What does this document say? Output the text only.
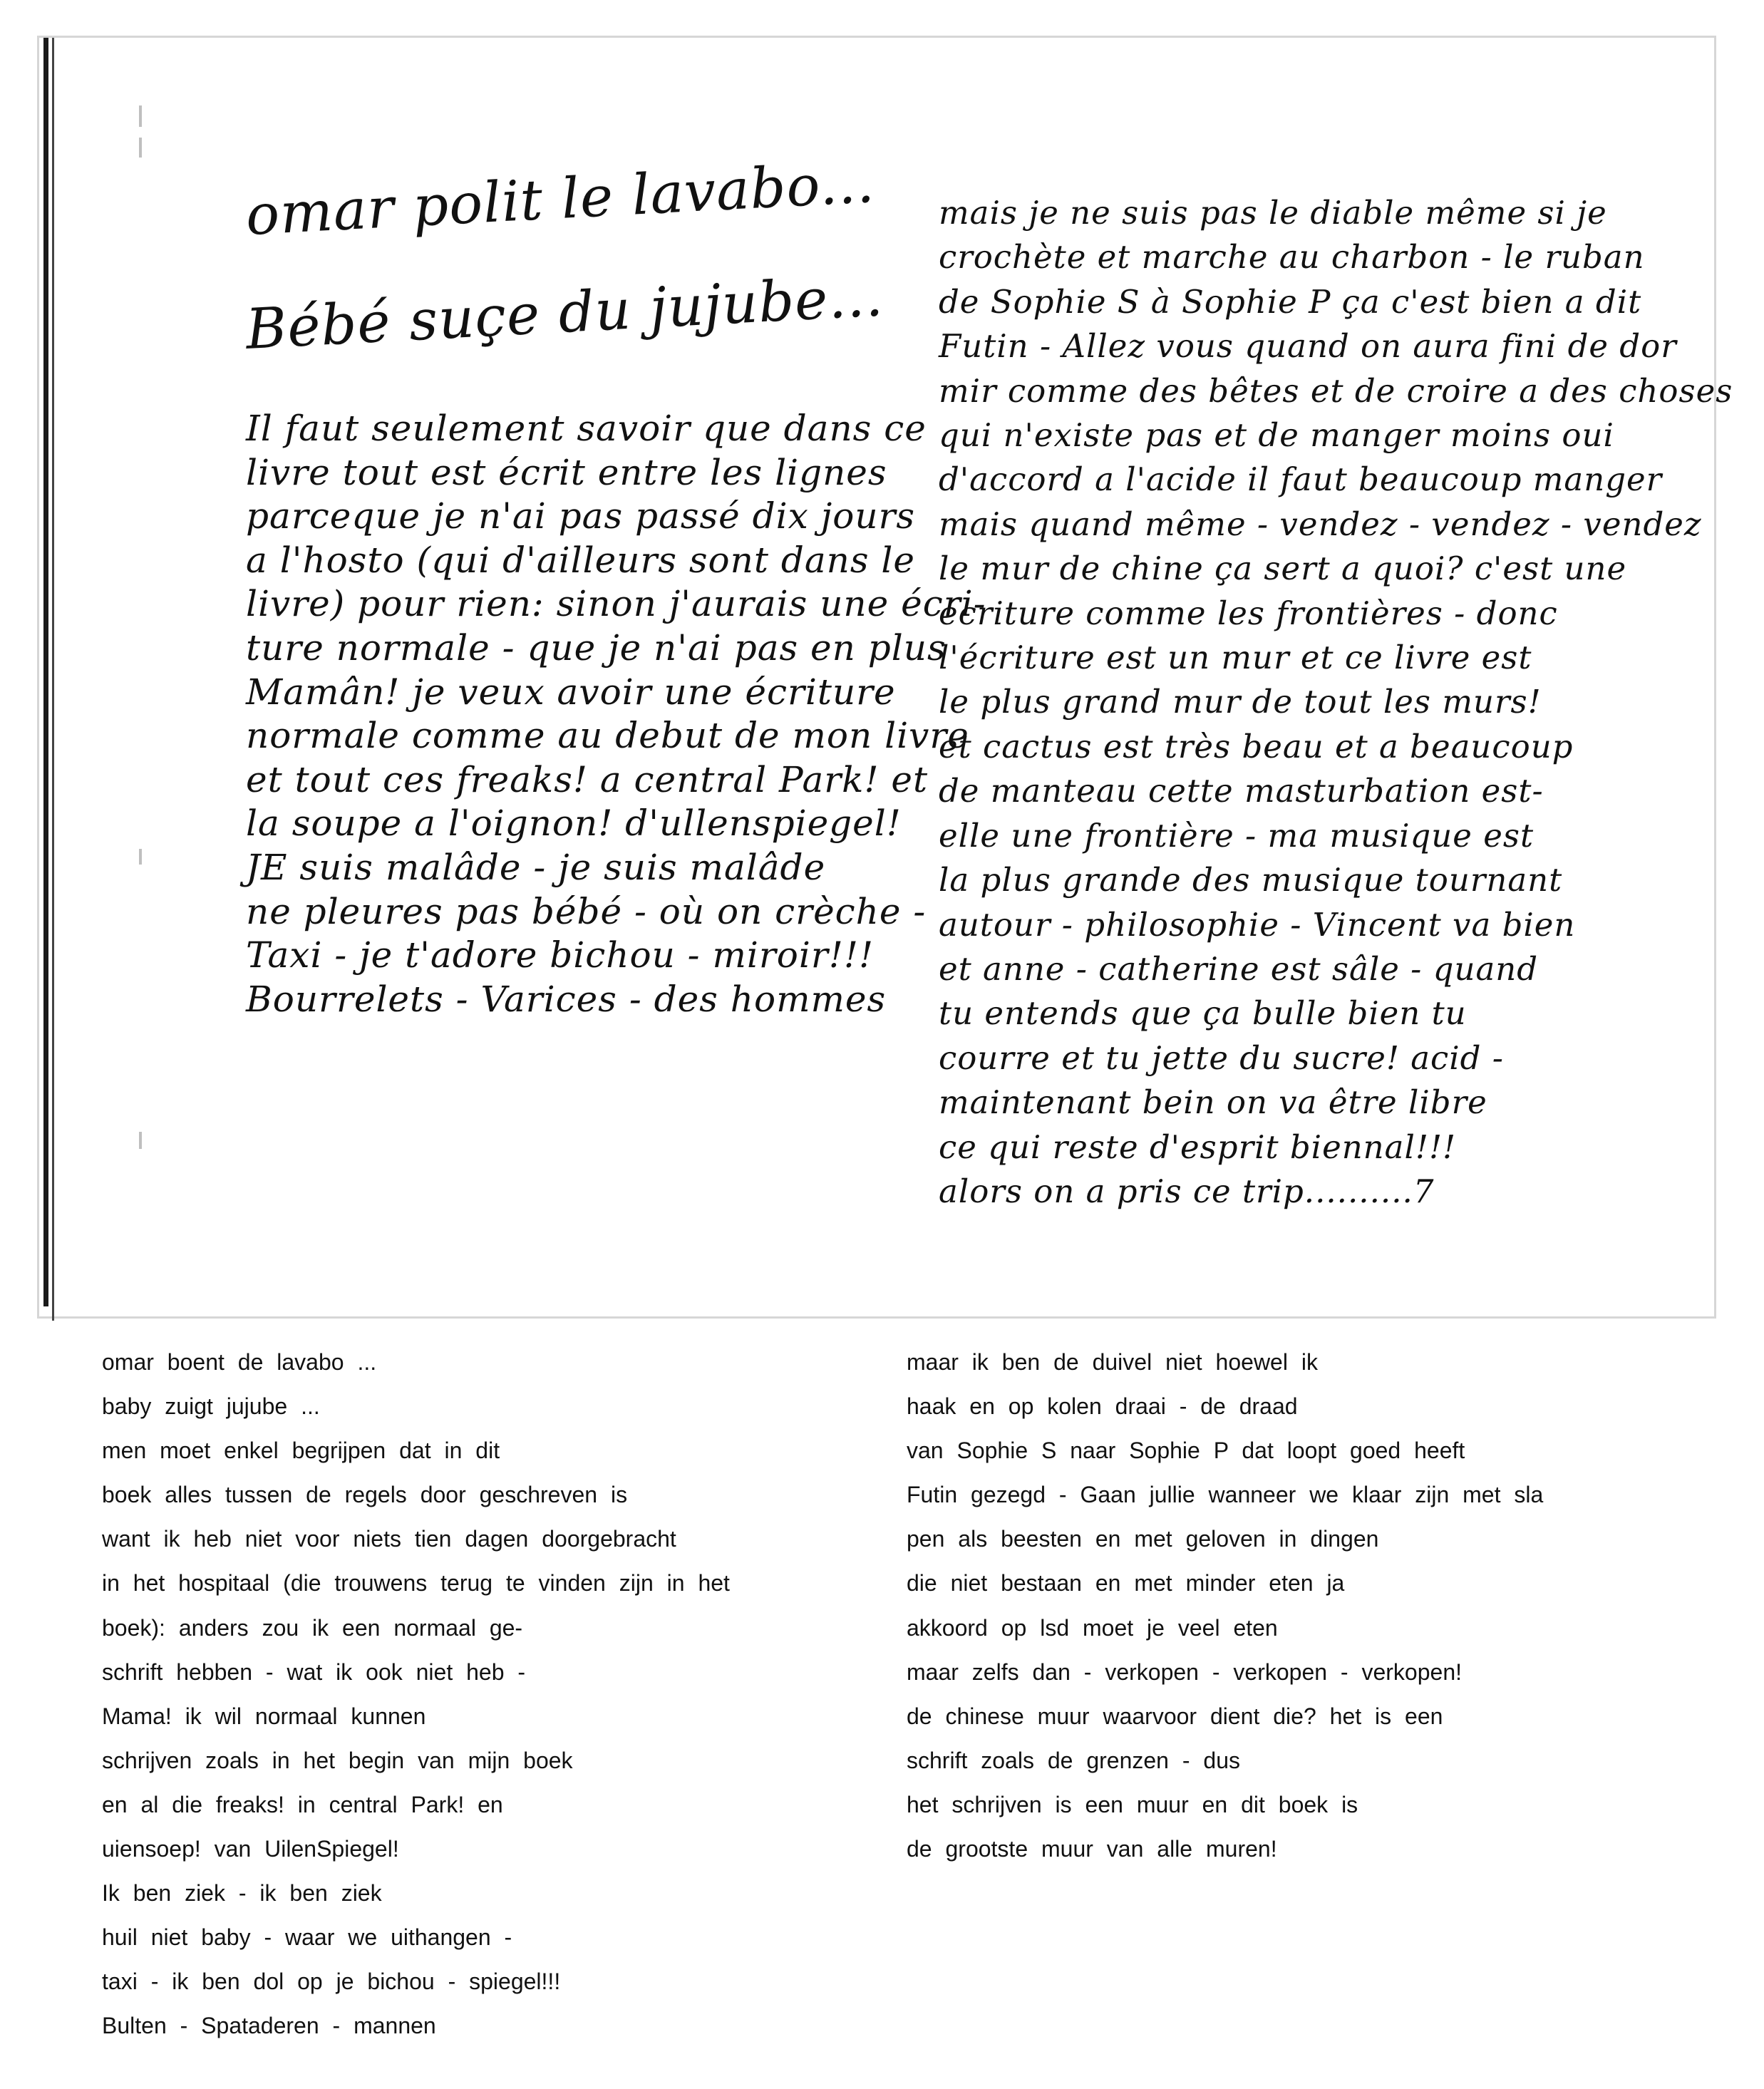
omar polit le lavabo...
Bébé suçe du jujube...
Il faut seulement savoir que dans ce
livre tout est écrit entre les lignes
parceque je n'ai pas passé dix jours
a l'hosto (qui d'ailleurs sont dans le
livre) pour rien: sinon j'aurais une écri-
ture normale - que je n'ai pas en plus
Mamân! je veux avoir une écriture
normale comme au debut de mon livre
et tout ces freaks! a central Park! et
la soupe a l'oignon! d'ullenspiegel!
JE suis malâde - je suis malâde
ne pleures pas bébé - où on crèche -
Taxi - je t'adore bichou - miroir!!!
Bourrelets - Varices - des hommes
mais je ne suis pas le diable même si je
crochète et marche au charbon - le ruban
de Sophie S à Sophie P ça c'est bien a dit
Futin - Allez vous quand on aura fini de dor
mir comme des bêtes et de croire a des choses
qui n'existe pas et de manger moins oui
d'accord a l'acide il faut beaucoup manger
mais quand même - vendez - vendez - vendez
le mur de chine ça sert a quoi? c'est une
écriture comme les frontières - donc
l'écriture est un mur et ce livre est
le plus grand mur de tout les murs!
et cactus est très beau et a beaucoup
de manteau cette masturbation est-
elle une frontière - ma musique est
la plus grande des musique tournant
autour - philosophie - Vincent va bien
et anne - catherine est sâle - quand
tu entends que ça bulle bien tu
courre et tu jette du sucre! acid -
maintenant bein on va être libre
ce qui reste d'esprit biennal!!!
alors on a pris ce trip..........7
omar boent de lavabo ...
baby zuigt jujube ...
men moet enkel begrijpen dat in dit
boek alles tussen de regels door geschreven is
want ik heb niet voor niets tien dagen doorgebracht
in het hospitaal (die trouwens terug te vinden zijn in het
boek): anders zou ik een normaal ge-
schrift hebben - wat ik ook niet heb -
Mama! ik wil normaal kunnen
schrijven zoals in het begin van mijn boek
en al die freaks! in central Park! en
uiensoep! van UilenSpiegel!
Ik ben ziek - ik ben ziek
huil niet baby - waar we uithangen -
taxi - ik ben dol op je bichou - spiegel!!!
Bulten - Spataderen - mannen
maar ik ben de duivel niet hoewel ik
haak en op kolen draai - de draad
van Sophie S naar Sophie P dat loopt goed heeft
Futin gezegd - Gaan jullie wanneer we klaar zijn met sla
pen als beesten en met geloven in dingen
die niet bestaan en met minder eten ja
akkoord op lsd moet je veel eten
maar zelfs dan - verkopen - verkopen - verkopen!
de chinese muur waarvoor dient die? het is een
schrift zoals de grenzen - dus
het schrijven is een muur en dit boek is
de grootste muur van alle muren!
